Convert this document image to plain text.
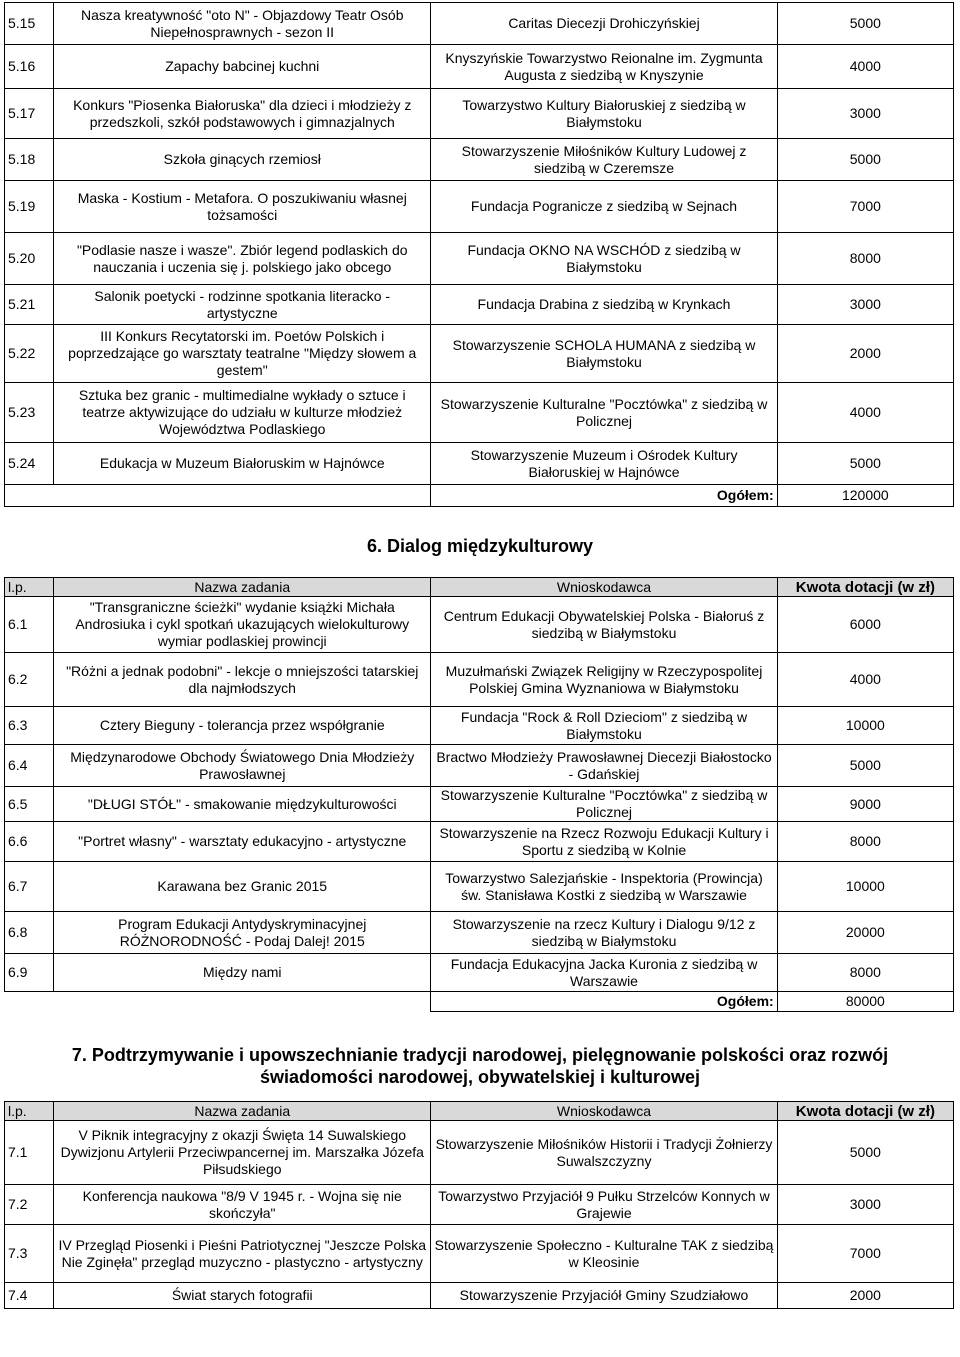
5.15	Nasza kreatywność "oto N" - Objazdowy Teatr Osób Niepełnosprawnych - sezon II	Caritas Diecezji Drohiczyńskiej	5000
5.16	Zapachy babcinej kuchni	Knyszyńskie Towarzystwo Reionalne im. Zygmunta Augusta z siedzibą w Knyszynie	4000
5.17	Konkurs "Piosenka Białoruska" dla dzieci i młodzieży z przedszkoli, szkół podstawowych i gimnazjalnych	Towarzystwo Kultury Białoruskiej z siedzibą w Białymstoku	3000
5.18	Szkoła ginących rzemiosł	Stowarzyszenie Miłośników Kultury Ludowej z siedzibą w Czeremsze	5000
5.19	Maska - Kostium - Metafora. O poszukiwaniu własnej tożsamości	Fundacja Pogranicze z siedzibą w Sejnach	7000
5.20	"Podlasie nasze i wasze". Zbiór legend podlaskich do nauczania i uczenia się j. polskiego jako obcego	Fundacja OKNO NA WSCHÓD z siedzibą w Białymstoku	8000
5.21	Salonik poetycki - rodzinne spotkania literacko - artystyczne	Fundacja Drabina z siedzibą w Krynkach	3000
5.22	III Konkurs Recytatorski im. Poetów Polskich i poprzedzające go warsztaty teatralne "Między słowem a gestem"	Stowarzyszenie SCHOLA HUMANA z siedzibą w Białymstoku	2000
5.23	Sztuka bez granic - multimedialne wykłady o sztuce i teatrze aktywizujące do udziału w kulturze młodzież Województwa Podlaskiego	Stowarzyszenie Kulturalne "Pocztówka" z siedzibą w Policznej	4000
5.24	Edukacja w Muzeum Białoruskim w Hajnówce	Stowarzyszenie Muzeum i Ośrodek Kultury Białoruskiej w Hajnówce	5000
		Ogółem:	120000
6. Dialog międzykulturowy
l.p.	Nazwa zadania	Wnioskodawca	Kwota dotacji (w zł)
6.1	"Transgraniczne ścieżki" wydanie książki Michała Androsiuka i cykl spotkań ukazujących wielokulturowy wymiar podlaskiej prowincji	Centrum Edukacji Obywatelskiej Polska - Białoruś z siedzibą w Białymstoku	6000
6.2	"Różni a jednak podobni" - lekcje o mniejszości tatarskiej dla najmłodszych	Muzułmański Związek Religijny w Rzeczypospolitej Polskiej Gmina Wyznaniowa w Białymstoku	4000
6.3	Cztery Bieguny - tolerancja przez współgranie	Fundacja "Rock & Roll Dzieciom" z siedzibą w Białymstoku	10000
6.4	Międzynarodowe Obchody Światowego Dnia Młodzieży Prawosławnej	Bractwo Młodzieży Prawosławnej Diecezji Białostocko - Gdańskiej	5000
6.5	"DŁUGI STÓŁ" - smakowanie międzykulturowości	Stowarzyszenie Kulturalne "Pocztówka" z siedzibą w Policznej	9000
6.6	"Portret własny" - warsztaty edukacyjno - artystyczne	Stowarzyszenie na Rzecz Rozwoju Edukacji Kultury i Sportu z siedzibą w Kolnie	8000
6.7	Karawana bez Granic 2015	Towarzystwo Salezjańskie - Inspektoria (Prowincja) św. Stanisława Kostki z siedzibą w Warszawie	10000
6.8	Program Edukacji Antydyskryminacyjnej RÓŻNORODNOŚĆ - Podaj Dalej! 2015	Stowarzyszenie na rzecz Kultury i Dialogu 9/12 z siedzibą w Białymstoku	20000
6.9	Między nami	Fundacja Edukacyjna Jacka Kuronia z siedzibą w Warszawie	8000
		Ogółem:	80000
7. Podtrzymywanie i upowszechnianie tradycji narodowej, pielęgnowanie polskości oraz rozwój świadomości narodowej, obywatelskiej i kulturowej
l.p.	Nazwa zadania	Wnioskodawca	Kwota dotacji (w zł)
7.1	V Piknik integracyjny z okazji Święta 14 Suwalskiego Dywizjonu Artylerii Przeciwpancernej im. Marszałka Józefa Piłsudskiego	Stowarzyszenie Miłośników Historii i Tradycji Żołnierzy Suwalszczyzny	5000
7.2	Konferencja naukowa "8/9 V 1945 r. - Wojna się nie skończyła"	Towarzystwo Przyjaciół 9 Pułku Strzelców Konnych w Grajewie	3000
7.3	IV Przegląd Piosenki i Pieśni Patriotycznej "Jeszcze Polska Nie Zginęła" przegląd muzyczno - plastyczno - artystyczny	Stowarzyszenie Społeczno - Kulturalne TAK z siedzibą w Kleosinie	7000
7.4	Świat starych fotografii	Stowarzyszenie Przyjaciół Gminy Szudziałowo	2000
